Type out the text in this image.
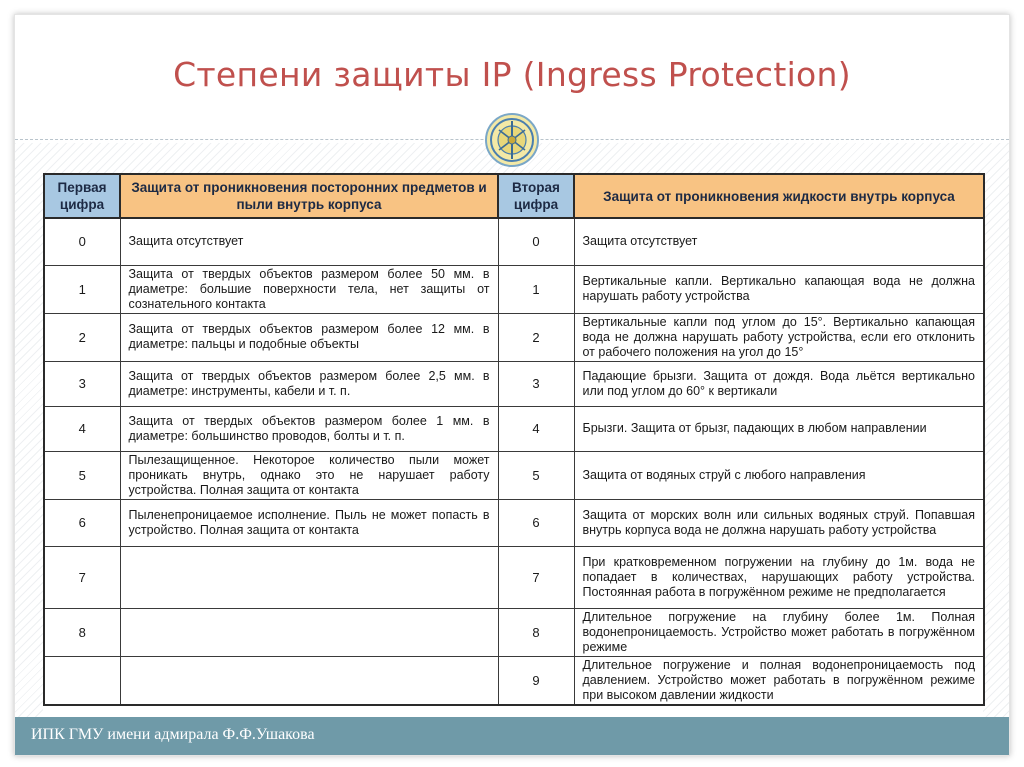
Степени защиты IP (Ingress Protection)
Первая цифра	Защита от проникновения посторонних предметов и пыли внутрь корпуса	Вторая цифра	Защита от проникновения жидкости внутрь корпуса
0	Защита отсутствует	0	Защита отсутствует
1	Защита от твердых объектов размером более 50 мм. в диаметре: большие поверхности тела, нет защиты от сознательного контакта	1	Вертикальные капли. Вертикально капающая вода не должна нарушать работу устройства
2	Защита от твердых объектов размером более 12 мм. в диаметре: пальцы и подобные объекты	2	Вертикальные капли под углом до 15°. Вертикально капающая вода не должна нарушать работу устройства, если его отклонить от рабочего положения на угол до 15°
3	Защита от твердых объектов размером более 2,5 мм. в диаметре: инструменты, кабели и т. п.	3	Падающие брызги. Защита от дождя. Вода льётся вертикально или под углом до 60° к вертикали
4	Защита от твердых объектов размером более 1 мм. в диаметре: большинство проводов, болты и т. п.	4	Брызги. Защита от брызг, падающих в любом направлении
5	Пылезащищенное. Некоторое количество пыли может проникать внутрь, однако это не нарушает работу устройства. Полная защита от контакта	5	Защита от водяных струй с любого направления
6	Пыленепроницаемое исполнение. Пыль не может попасть в устройство. Полная защита от контакта	6	Защита от морских волн или сильных водяных струй. Попавшая внутрь корпуса вода не должна нарушать работу устройства
7		7	При кратковременном погружении на глубину до 1м. вода не попадает в количествах, нарушающих работу устройства. Постоянная работа в погружённом режиме не предполагается
8		8	Длительное погружение на глубину более 1м. Полная водонепроницаемость. Устройство может работать в погружённом режиме
		9	Длительное погружение и полная водонепроницаемость под давлением. Устройство может работать в погружённом режиме при высоком давлении жидкости
ИПК ГМУ имени адмирала Ф.Ф.Ушакова
